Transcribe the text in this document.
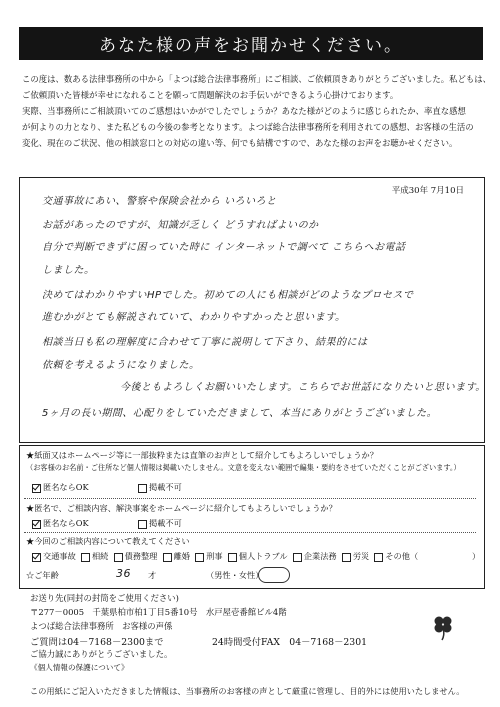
あなた様の声をお聞かせください。
この度は、数ある法律事務所の中から「よつば総合法律事務所」にご相談、ご依頼頂きありがとうございました。私どもは、
ご依頼頂いた皆様が幸せになれることを願って問題解決のお手伝いができるよう心掛けております。
実際、当事務所にご相談頂いてのご感想はいかがでしたでしょうか？あなた様がどのように感じられたか、率直な感想
が何よりの力となり、また私どもの今後の参考となります。よつば総合法律事務所を利用されての感想、お客様の生活の
変化、現在のご状況、他の相談窓口との対応の違い等、何でも結構ですので、あなた様のお声をお聴かせください。
平成30年 7月10日
交通事故にあい、警察や保険会社から いろいろと
お話があったのですが、知識が乏しく どうすればよいのか
自分で判断できずに困っていた時に インターネットで調べて こちらへお電話
しました。
決めてはわかりやすいHPでした。初めての人にも相談がどのようなプロセスで
進むかがとても解説されていて、わかりやすかったと思います。
相談当日も私の理解度に合わせて丁寧に説明して下さり、結果的には
依頼を考えるようになりました。
今後ともよろしくお願いいたします。こちらでお世話になりたいと思います。
5ヶ月の長い期間、心配りをしていただきまして、本当にありがとうございました。
★紙面又はホームページ等に一部抜粋または直筆のお声として紹介してもよろしいでしょうか？
（お客様のお名前・ご住所など個人情報は掲載いたしません。文意を変えない範囲で編集・要約をさせていただくことがございます。）
匿名ならOK	掲載不可
★匿名で、ご相談内容、解決事案をホームページに紹介してもよろしいでしょうか？
匿名ならOK	掲載不可
★今回のご相談内容について教えてください
交通事故 相続 債務整理 離婚 刑事 個人トラブル 企業法務 労災 その他（	）
☆ご年齢	36 才	（男性・女性）
お送り先(同封の封筒をご使用ください)
〒277－0005　千葉県柏市柏1丁目5番10号　水戸屋壱番館ビル4階
よつば総合法律事務所　お客様の声係
ご質問は04－7168－2300まで	24時間受付FAX　04－7168－2301
ご協力誠にありがとうございました。
《個人情報の保護について》
この用紙にご記入いただきました情報は、当事務所のお客様の声として厳重に管理し、目的外には使用いたしません。
